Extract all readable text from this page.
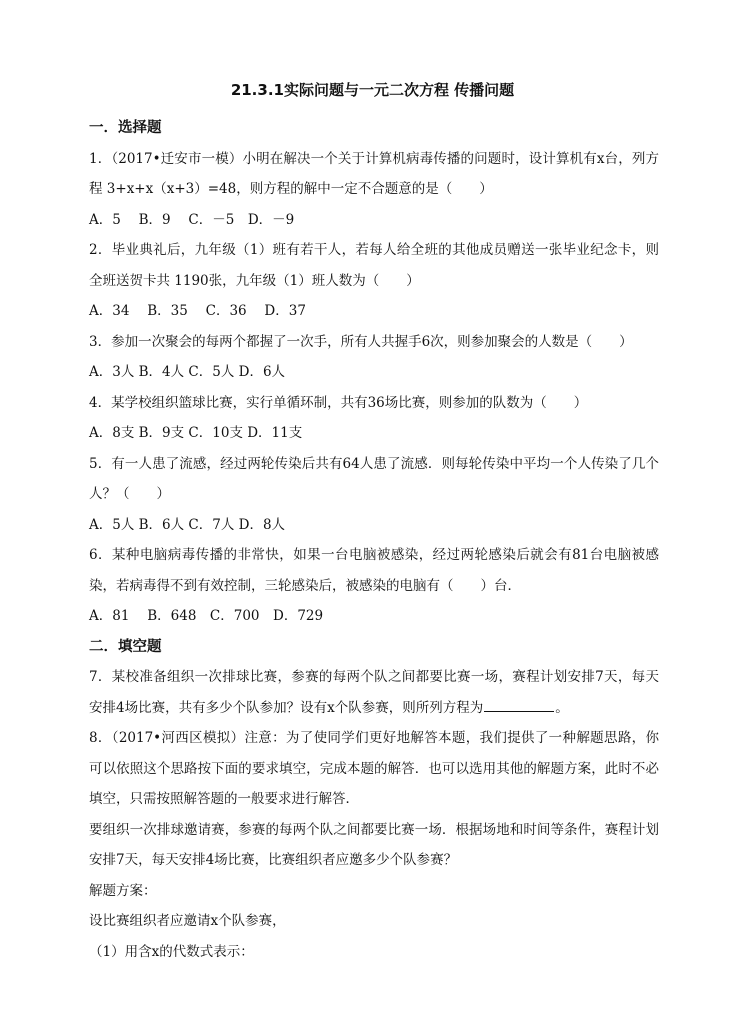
21.3.1实际问题与一元二次方程 传播问题

一．选择题

1．（2017•迁安市一模）小明在解决一个关于计算机病毒传播的问题时，设计算机有x台，列方程 3+x+x（x+3）=48，则方程的解中一定不合题意的是（　　）

A．5　 B．9　 C．－5　D．－9

2．毕业典礼后，九年级（1）班有若干人，若每人给全班的其他成员赠送一张毕业纪念卡，则全班送贺卡共 1190张，九年级（1）班人数为（　　）

A．34　 B．35　 C．36　 D．37

3．参加一次聚会的每两个都握了一次手，所有人共握手6次，则参加聚会的人数是（　　）

A．3人 B．4人 C．5人 D．6人

4．某学校组织篮球比赛，实行单循环制，共有36场比赛，则参加的队数为（　　）

A．8支 B．9支 C．10支 D．11支

5．有一人患了流感，经过两轮传染后共有64人患了流感．则每轮传染中平均一个人传染了几个人？（　　）

A．5人 B．6人 C．7人 D．8人

6．某种电脑病毒传播的非常快，如果一台电脑被感染，经过两轮感染后就会有81台电脑被感染，若病毒得不到有效控制，三轮感染后，被感染的电脑有（　　）台．

A．81　 B．648　C．700　D．729

二．填空题

7．某校准备组织一次排球比赛，参赛的每两个队之间都要比赛一场，赛程计划安排7天，每天安排4场比赛，共有多少个队参加？设有x个队参赛，则所列方程为	。

8．（2017•河西区模拟）注意：为了使同学们更好地解答本题，我们提供了一种解题思路，你可以依照这个思路按下面的要求填空，完成本题的解答．也可以选用其他的解题方案，此时不必填空，只需按照解答题的一般要求进行解答．

要组织一次排球邀请赛，参赛的每两个队之间都要比赛一场．根据场地和时间等条件，赛程计划安排7天，每天安排4场比赛，比赛组织者应邀多少个队参赛？

解题方案：

设比赛组织者应邀请x个队参赛，

（1）用含x的代数式表示：
